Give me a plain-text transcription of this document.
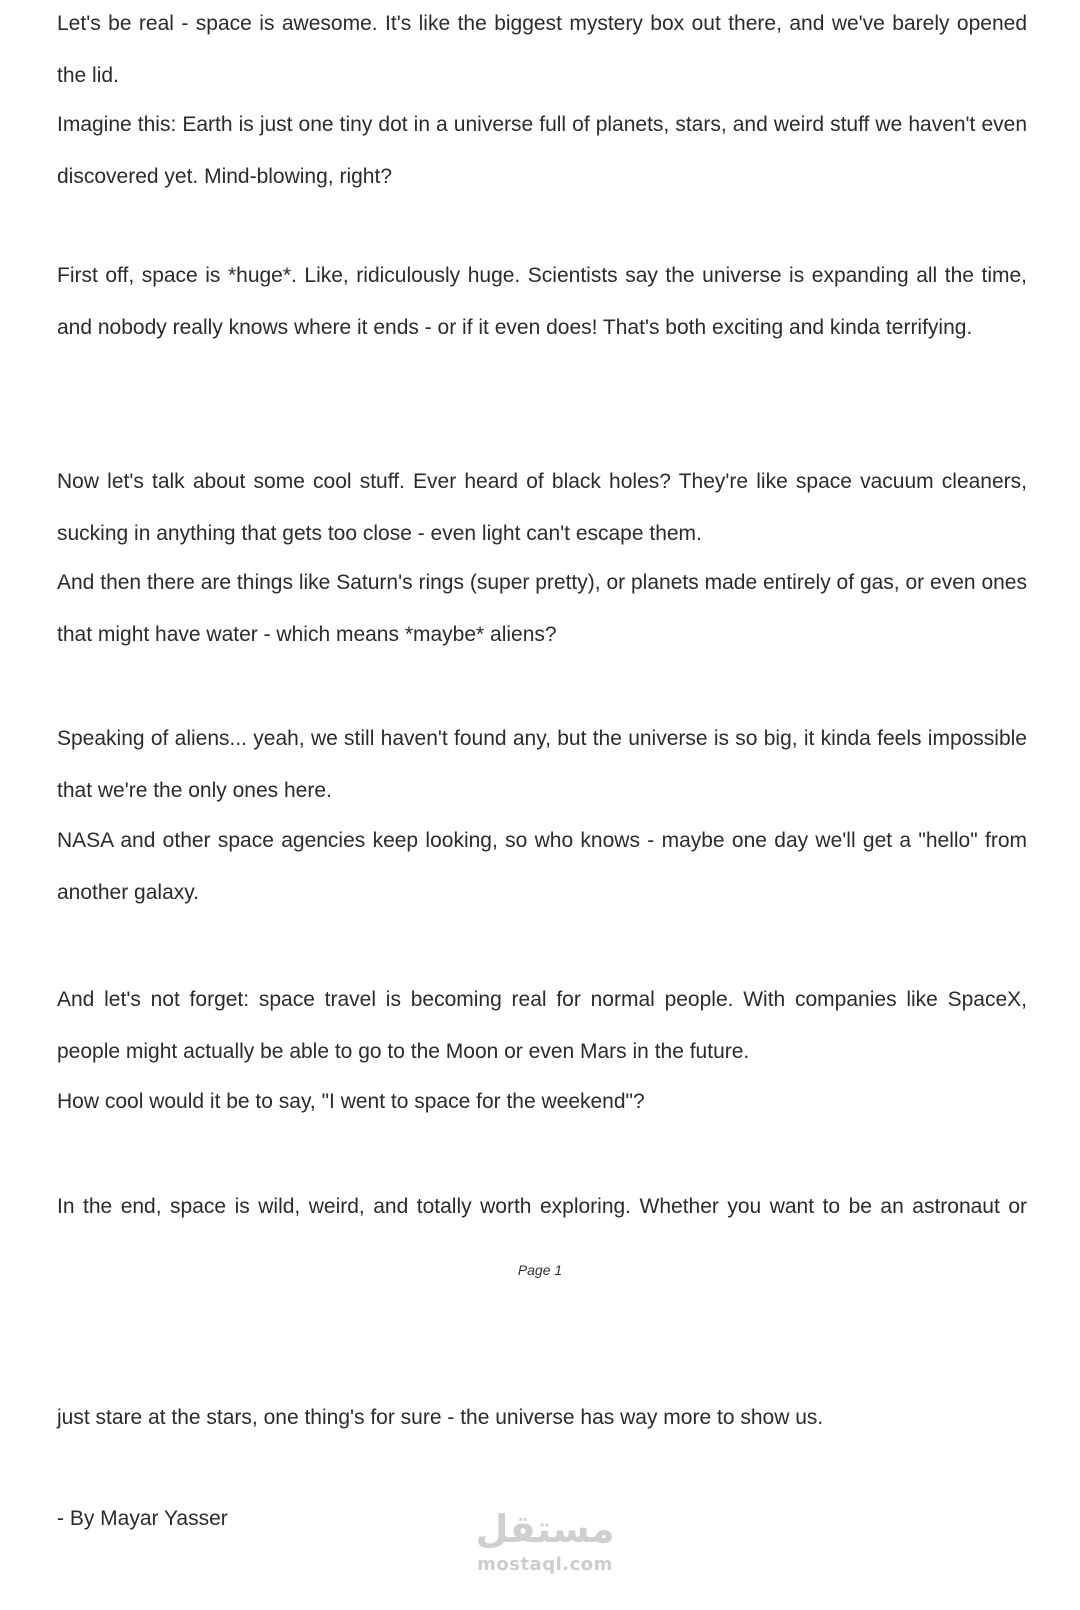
Let's be real - space is awesome. It's like the biggest mystery box out there, and we've barely opened the lid.

Imagine this: Earth is just one tiny dot in a universe full of planets, stars, and weird stuff we haven't even discovered yet. Mind-blowing, right?

First off, space is *huge*. Like, ridiculously huge. Scientists say the universe is expanding all the time, and nobody really knows where it ends - or if it even does! That's both exciting and kinda terrifying.

Now let's talk about some cool stuff. Ever heard of black holes? They're like space vacuum cleaners, sucking in anything that gets too close - even light can't escape them.

And then there are things like Saturn's rings (super pretty), or planets made entirely of gas, or even ones that might have water - which means *maybe* aliens?

Speaking of aliens... yeah, we still haven't found any, but the universe is so big, it kinda feels impossible that we're the only ones here.

NASA and other space agencies keep looking, so who knows - maybe one day we'll get a "hello" from another galaxy.

And let's not forget: space travel is becoming real for normal people. With companies like SpaceX, people might actually be able to go to the Moon or even Mars in the future.

How cool would it be to say, "I went to space for the weekend"?

In the end, space is wild, weird, and totally worth exploring. Whether you want to be an astronaut or

just stare at the stars, one thing's for sure - the universe has way more to show us.

- By Mayar Yasser

Page 1
مستقل
mostaql.com
